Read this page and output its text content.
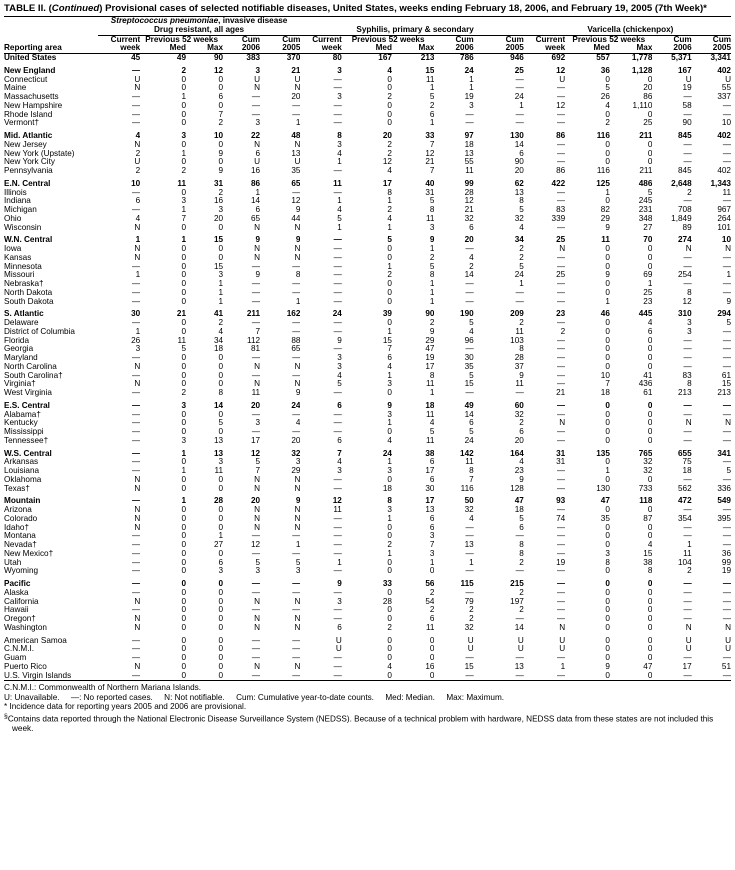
TABLE II. (Continued) Provisional cases of selected notifiable diseases, United States, weeks ending February 18, 2006, and February 19, 2005 (7th Week)*
	Streptococcus pneumoniae, invasive disease														
	Drug resistant, all ages					Syphilis, primary & secondary					Varicella (chickenpox)				
	Current	Previous 52 weeks		Cum	Cum	Current	Previous 52 weeks		Cum	Cum	Current	Previous 52 weeks		Cum	Cum
Reporting area	week	Med	Max	2006	2005	week	Med	Max	2006	2005	week	Med	Max	2006	2005
United States	45	49	90	383	370	80	167	213	786	946	692	557	1,778	5,371	3,341

New England	—	2	12	3	21	3	4	15	24	25	12	36	1,128	167	402
Connecticut	U	0	0	U	U	—	0	11	1	—	U	0	0	U	U
Maine	N	0	0	N	N	—	0	1	1	—	—	5	20	19	55
Massachusetts	—	1	6	—	20	3	2	5	19	24	—	26	86	—	337
New Hampshire	—	0	0	—	—	—	0	2	3	1	12	4	1,110	58	—
Rhode Island	—	0	7	—	—	—	0	6	—	—	—	0	0	—	—
Vermont†	—	0	2	3	1	—	0	1	—	—	—	2	25	90	10

Mid. Atlantic	4	3	10	22	48	8	20	33	97	130	86	116	211	845	402
New Jersey	N	0	0	N	N	3	2	7	18	14	—	0	0	—	—
New York (Upstate)	2	1	9	6	13	4	2	12	13	6	—	0	0	—	—
New York City	U	0	0	U	U	1	12	21	55	90	—	0	0	—	—
Pennsylvania	2	2	9	16	35	—	4	7	11	20	86	116	211	845	402

E.N. Central	10	11	31	86	65	11	17	40	99	62	422	125	486	2,648	1,343
Illinois	—	0	2	1	—	—	8	31	28	13	—	1	5	2	11
Indiana	6	3	16	14	12	1	1	5	12	8	—	0	245	—	—
Michigan	—	1	3	6	9	4	2	8	21	5	83	82	231	708	967
Ohio	4	7	20	65	44	5	4	11	32	32	339	29	348	1,849	264
Wisconsin	N	0	0	N	N	1	1	3	6	4	—	9	27	89	101

W.N. Central	1	1	15	9	9	—	5	9	20	34	25	11	70	274	10
Iowa	N	0	0	N	N	—	0	1	—	2	N	0	0	N	N
Kansas	N	0	0	N	N	—	0	2	4	2	—	0	0	—	—
Minnesota	—	0	15	—	—	—	1	5	2	5	—	0	0	—	—
Missouri	1	0	3	9	8	—	2	8	14	24	25	9	69	254	1
Nebraska†	—	0	1	—	—	—	0	1	—	1	—	0	1	—	—
North Dakota	—	0	1	—	—	—	0	1	—	—	—	0	25	8	—
South Dakota	—	0	1	—	1	—	0	1	—	—	—	1	23	12	9

S. Atlantic	30	21	41	211	162	24	39	90	190	209	23	46	445	310	294
Delaware	—	0	2	—	—	—	0	2	5	2	—	0	4	3	5
District of Columbia	1	0	4	7	—	—	1	9	4	11	2	0	6	3	—
Florida	26	11	34	112	88	9	15	29	96	103	—	0	0	—	—
Georgia	3	5	18	81	65	—	7	47	—	8	—	0	0	—	—
Maryland	—	0	0	—	—	3	6	19	30	28	—	0	0	—	—
North Carolina	N	0	0	N	N	3	4	17	35	37	—	0	0	—	—
South Carolina†	—	0	0	—	—	4	1	8	5	9	—	10	41	83	61
Virginia†	N	0	0	N	N	5	3	11	15	11	—	7	436	8	15
West Virginia	—	2	8	11	9	—	0	1	—	—	21	18	61	213	213

E.S. Central	—	3	14	20	24	6	9	18	49	60	—	0	0	—	—
Alabama†	—	0	0	—	—	—	3	11	14	32	—	0	0	—	—
Kentucky	—	0	5	3	4	—	1	4	6	2	N	0	0	N	N
Mississippi	—	0	0	—	—	—	0	5	5	6	—	0	0	—	—
Tennessee†	—	3	13	17	20	6	4	11	24	20	—	0	0	—	—

W.S. Central	—	1	13	12	32	7	24	38	142	164	31	135	765	655	341
Arkansas	—	0	3	5	3	4	1	6	11	4	31	0	32	75	—
Louisiana	—	1	11	7	29	3	3	17	8	23	—	1	32	18	5
Oklahoma	N	0	0	N	N	—	0	6	7	9	—	0	0	—	—
Texas†	N	0	0	N	N	—	18	30	116	128	—	130	733	562	336

Mountain	—	1	28	20	9	12	8	17	50	47	93	47	118	472	549
Arizona	N	0	0	N	N	11	3	13	32	18	—	0	0	—	—
Colorado	N	0	0	N	N	—	1	6	4	5	74	35	87	354	395
Idaho†	N	0	0	N	N	—	0	6	—	6	—	0	0	—	—
Montana	—	0	1	—	—	—	0	3	—	—	—	0	0	—	—
Nevada†	—	0	27	12	1	—	2	7	13	8	—	0	4	1	—
New Mexico†	—	0	0	—	—	—	1	3	—	8	—	3	15	11	36
Utah	—	0	6	5	5	1	0	1	1	2	19	8	38	104	99
Wyoming	—	0	3	3	3	—	0	0	—	—	—	0	8	2	19

Pacific	—	0	0	—	—	9	33	56	115	215	—	0	0	—	—
Alaska	—	0	0	—	—	—	0	2	—	2	—	0	0	—	—
California	N	0	0	N	N	3	28	54	79	197	—	0	0	—	—
Hawaii	—	0	0	—	—	—	0	2	2	2	—	0	0	—	—
Oregon†	N	0	0	N	N	—	0	6	2	—	—	0	0	—	—
Washington	N	0	0	N	N	6	2	11	32	14	N	0	0	N	N

American Samoa	—	0	0	—	—	U	0	0	U	U	U	0	0	U	U
C.N.M.I.	—	0	0	—	—	U	0	0	U	U	U	0	0	U	U
Guam	—	0	0	—	—	—	0	0	—	—	—	0	0	—	—
Puerto Rico	N	0	0	N	N	—	4	16	15	13	1	9	47	17	51
U.S. Virgin Islands	—	0	0	—	—	—	0	0	—	—	—	0	0	—	—

C.N.M.I.: Commonwealth of Northern Mariana Islands.

U: Unavailable.     —: No reported cases.     N: Not notifiable.     Cum: Cumulative year-to-date counts.     Med: Median.     Max: Maximum.

* Incidence data for reporting years 2005 and 2006 are provisional.

§Contains data reported through the National Electronic Disease Surveillance System (NEDSS). Because of a technical problem with hardware, NEDSS data from these states are not included this week.
